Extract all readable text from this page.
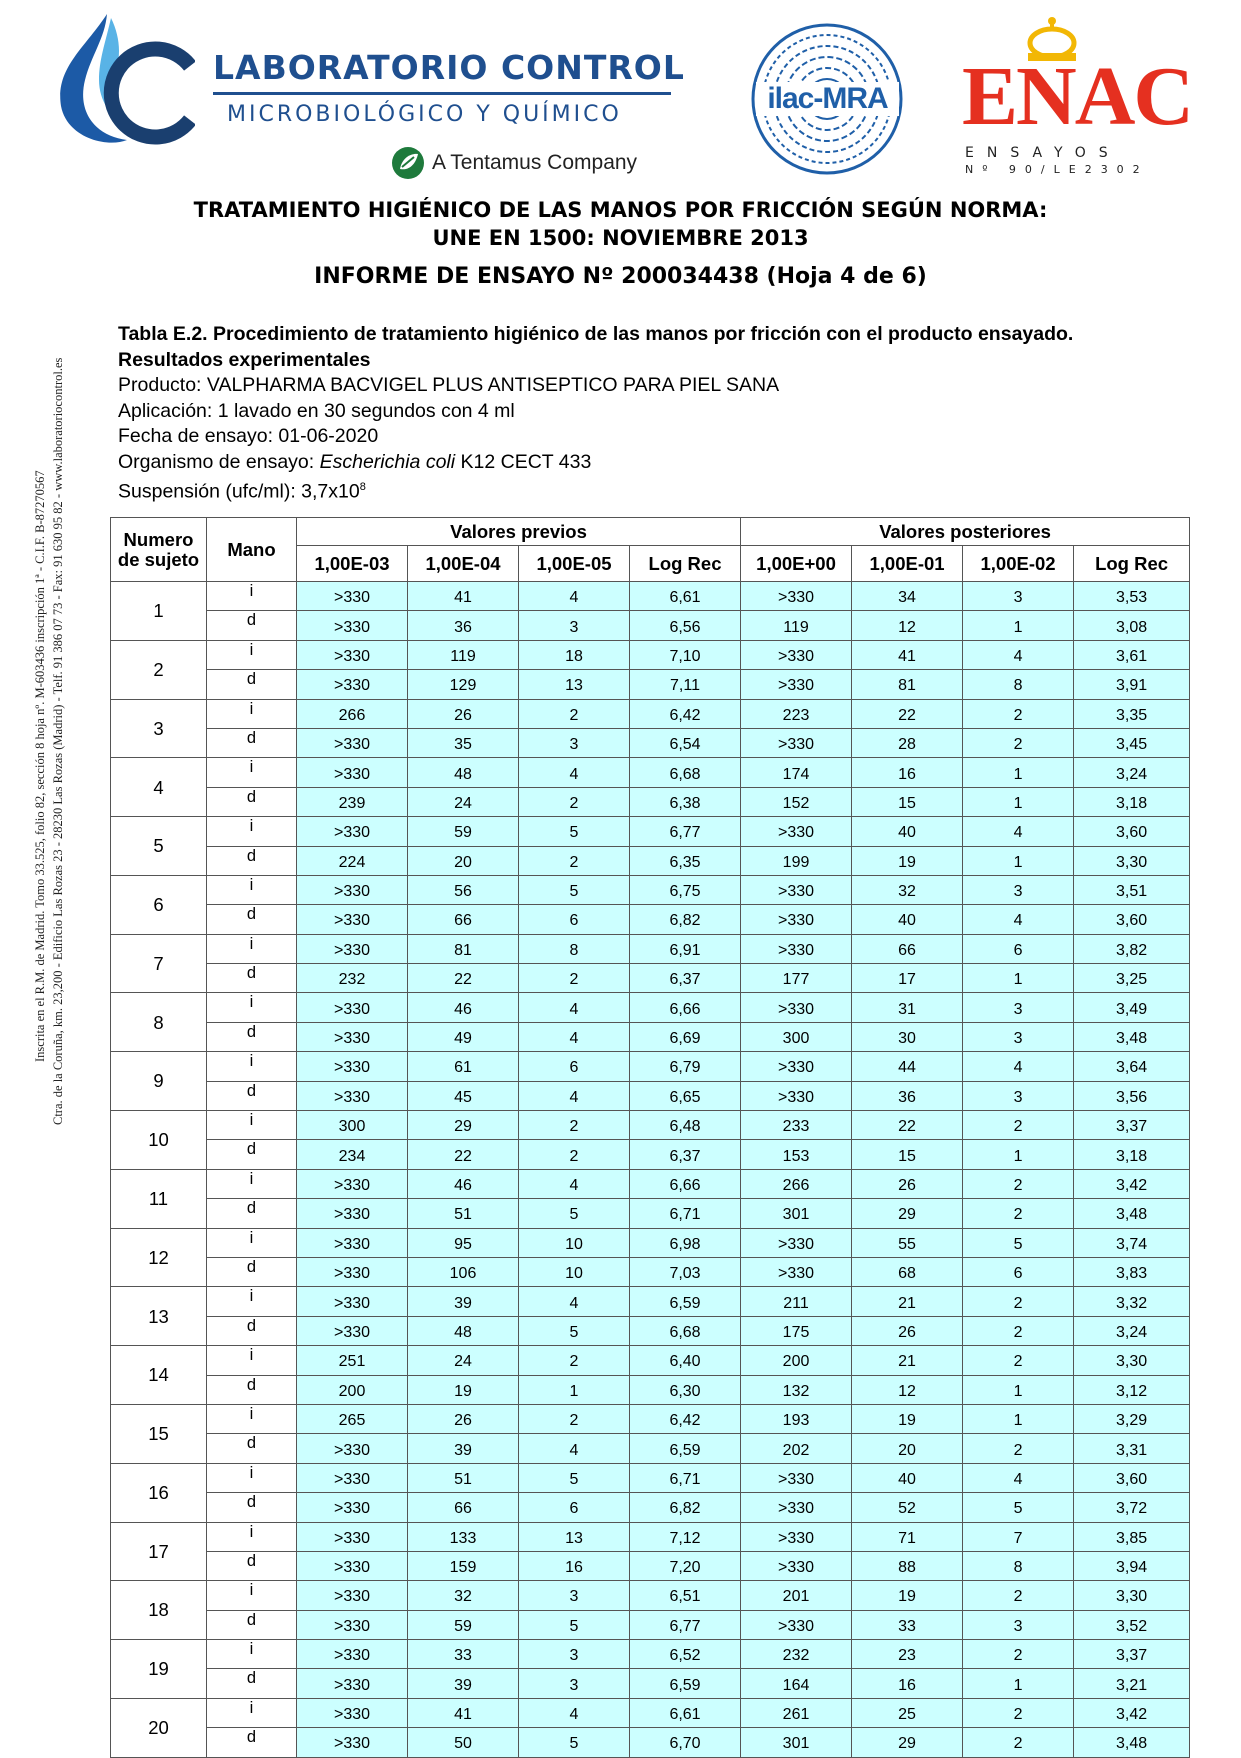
LABORATORIO CONTROL
MICROBIOLÓGICO Y QUÍMICO
A Tentamus Company
ilac-MRA ENAC
ENSAYOS
Nº 90/LE2302
TRATAMIENTO HIGIÉNICO DE LAS MANOS POR FRICCIÓN SEGÚN NORMA:
UNE EN 1500: NOVIEMBRE 2013
INFORME DE ENSAYO Nº 200034438 (Hoja 4 de 6)
Inscrita en el R.M. de Madrid. Tomo 33.525, folio 82, sección 8 hoja nº. M-603436 inscripción 1ª - C.I.F. B-87270567 Ctra. de la Coruña, km. 23,200 - Edificio Las Rozas 23 - 28230 Las Rozas (Madrid) - Telf. 91 386 07 73 - Fax: 91 630 95 82 - www.laboratoriocontrol.es
Tabla E.2. Procedimiento de tratamiento higiénico de las manos por fricción con el producto ensayado.
Resultados experimentales
Producto: VALPHARMA BACVIGEL PLUS ANTISEPTICO PARA PIEL SANA
Aplicación: 1 lavado en 30 segundos con 4 ml
Fecha de ensayo: 01-06-2020
Organismo de ensayo: Escherichia coli K12 CECT 433
Suspensión (ufc/ml): $3,7x10^8$
Numero de sujeto	Mano	Valores previos				Valores posteriores			
		1,00E-03	1,00E-04	1,00E-05	Log Rec	1,00E+00	1,00E-01	1,00E-02	Log Rec
1	i	>330	41	4	6,61	>330	34	3	3,53
	d	>330	36	3	6,56	119	12	1	3,08
2	i	>330	119	18	7,10	>330	41	4	3,61
	d	>330	129	13	7,11	>330	81	8	3,91
3	i	266	26	2	6,42	223	22	2	3,35
	d	>330	35	3	6,54	>330	28	2	3,45
4	i	>330	48	4	6,68	174	16	1	3,24
	d	239	24	2	6,38	152	15	1	3,18
5	i	>330	59	5	6,77	>330	40	4	3,60
	d	224	20	2	6,35	199	19	1	3,30
6	i	>330	56	5	6,75	>330	32	3	3,51
	d	>330	66	6	6,82	>330	40	4	3,60
7	i	>330	81	8	6,91	>330	66	6	3,82
	d	232	22	2	6,37	177	17	1	3,25
8	i	>330	46	4	6,66	>330	31	3	3,49
	d	>330	49	4	6,69	300	30	3	3,48
9	i	>330	61	6	6,79	>330	44	4	3,64
	d	>330	45	4	6,65	>330	36	3	3,56
10	i	300	29	2	6,48	233	22	2	3,37
	d	234	22	2	6,37	153	15	1	3,18
11	i	>330	46	4	6,66	266	26	2	3,42
	d	>330	51	5	6,71	301	29	2	3,48
12	i	>330	95	10	6,98	>330	55	5	3,74
	d	>330	106	10	7,03	>330	68	6	3,83
13	i	>330	39	4	6,59	211	21	2	3,32
	d	>330	48	5	6,68	175	26	2	3,24
14	i	251	24	2	6,40	200	21	2	3,30
	d	200	19	1	6,30	132	12	1	3,12
15	i	265	26	2	6,42	193	19	1	3,29
	d	>330	39	4	6,59	202	20	2	3,31
16	i	>330	51	5	6,71	>330	40	4	3,60
	d	>330	66	6	6,82	>330	52	5	3,72
17	i	>330	133	13	7,12	>330	71	7	3,85
	d	>330	159	16	7,20	>330	88	8	3,94
18	i	>330	32	3	6,51	201	19	2	3,30
	d	>330	59	5	6,77	>330	33	3	3,52
19	i	>330	33	3	6,52	232	23	2	3,37
	d	>330	39	3	6,59	164	16	1	3,21
20	i	>330	41	4	6,61	261	25	2	3,42
	d	>330	50	5	6,70	301	29	2	3,48
